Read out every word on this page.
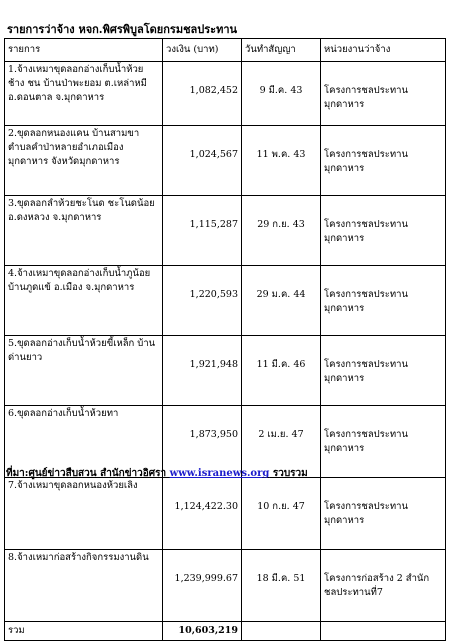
รายการว่าจ้าง หจก.พิศรพิบูลโดยกรมชลประทาน
รายการ	วงเงิน (บาท)	วันทำสัญญา	หน่วยงานว่าจ้าง
1.จ้างเหมาขุดลอกอ่างเก็บน้ำห้วยช้าง ชน บ้านป่าพะยอม ต.เหล่าหมี อ.ดอนตาล จ.มุกดาหาร	1,082,452	9 มี.ค. 43	โครงการชลประทาน มุกดาหาร
2.ขุดลอกหนองแคน บ้านสามขา ตำบลคำป่าหลายอำเภอเมือง มุกดาหาร จังหวัดมุกดาหาร	1,024,567	11 พ.ค. 43	โครงการชลประทาน มุกดาหาร
3.ขุดลอกลำห้วยชะโนด ชะโนดน้อย อ.ดงหลวง จ.มุกดาหาร	1,115,287	29 ก.ย. 43	โครงการชลประทาน มุกดาหาร
4.จ้างเหมาขุดลอกอ่างเก็บน้ำภูน้อย บ้านภูดแข้ อ.เมือง จ.มุกดาหาร	1,220,593	29 ม.ค. 44	โครงการชลประทาน มุกดาหาร
5.ขุดลอกอ่างเก็บน้ำห้วยขี้เหล็ก บ้านด่านยาว	1,921,948	11 มี.ค. 46	โครงการชลประทาน มุกดาหาร
6.ขุดลอกอ่างเก็บน้ำห้วยทา	1,873,950	2 เม.ย. 47	โครงการชลประทาน มุกดาหาร
7.จ้างเหมาขุดลอกหนองห้วยเลิง	1,124,422.30	10 ก.ย. 47	โครงการชลประทาน มุกดาหาร
8.จ้างเหมาก่อสร้างกิจกรรมงานดิน	1,239,999.67	18 มี.ค. 51	โครงการก่อสร้าง 2 สำนักชลประทานที่7
รวม	10,603,219		
ที่มา:ศูนย์ข่าวสืบสวน สำนักข่าวอิศรา www.isranews.org รวบรวม
